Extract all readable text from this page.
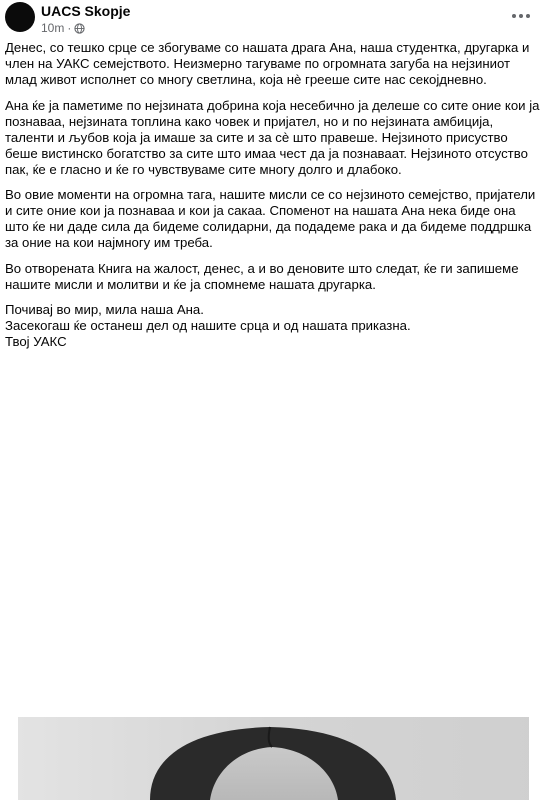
UACS Skopje
10m ·

Денес, со тешко срце се збогуваме со нашата драга Ана, наша студентка, другарка и член на УАКС семејството. Неизмерно тагуваме по огромната загуба на нејзиниот млад живот исполнет со многу светлина, која нè грееше сите нас секојдневно.

Ана ќе ја паметиме по нејзината добрина која несебично ја делеше со сите оние кои ја познаваа, нејзината топлина како човек и пријател, но и по нејзината амбиција, таленти и љубов која ја имаше за сите и за сè што правеше. Нејзиното присуство беше вистинско богатство за сите што имаа чест да ја познаваат. Нејзиното отсуство пак, ќе е гласно и ќе го чувствуваме сите многу долго и длабоко.

Во овие моменти на огромна тага, нашите мисли се со нејзиното семејство, пријатели и сите оние кои ја познаваа и кои ја сакаа. Споменот на нашата Ана нека биде она што ќе ни даде сила да бидеме солидарни, да подадеме рака и да бидеме поддршка за оние на кои најмногу им треба.

Во отворената Книга на жалост, денес, а и во деновите што следат, ќе ги запишеме нашите мисли и молитви и ќе ја спомнеме нашата другарка.

Почивај во мир, мила наша Ана.

Засекогаш ќе останеш дел од нашите срца и од нашата приказна.

Твој УАКС
